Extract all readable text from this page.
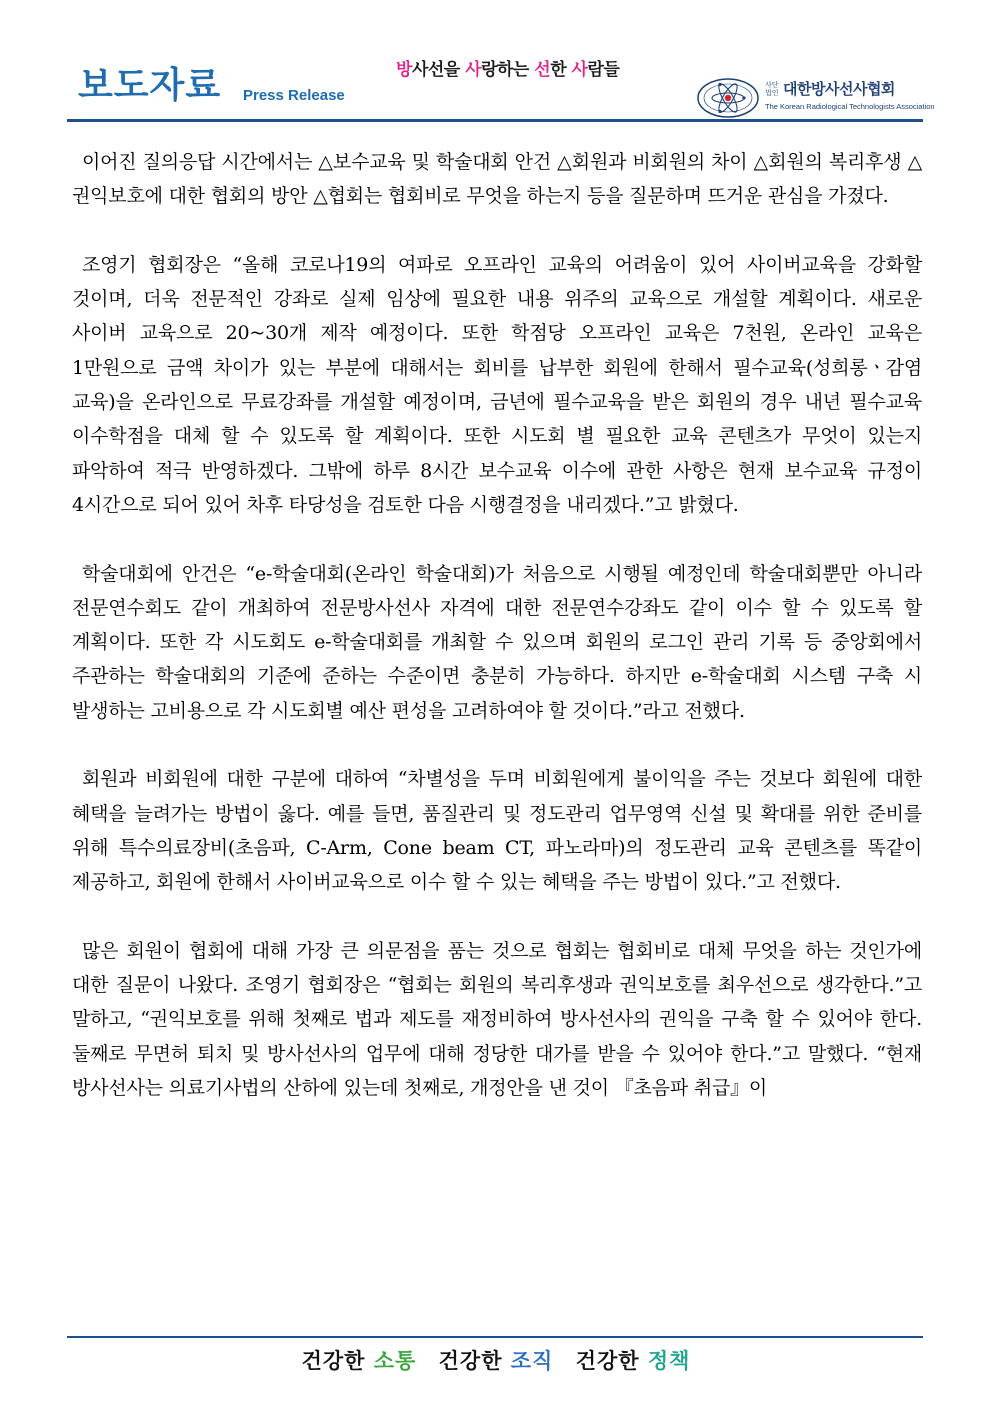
보도자료 Press Release
방사선을 사랑하는 선한 사람들
사단법인 대한방사선사협회
The Korean Radiological Technologists Association

이어진 질의응답 시간에서는 △보수교육 및 학술대회 안건 △회원과 비회원의 차이 △회원의 복리후생 △권익보호에 대한 협회의 방안 △협회는 협회비로 무엇을 하는지 등을 질문하며 뜨거운 관심을 가졌다.

조영기 협회장은 “올해 코로나19의 여파로 오프라인 교육의 어려움이 있어 사이버교육을 강화할 것이며, 더욱 전문적인 강좌로 실제 임상에 필요한 내용 위주의 교육으로 개설할 계획이다. 새로운 사이버 교육으로 20~30개 제작 예정이다. 또한 학점당 오프라인 교육은 7천원, 온라인 교육은 1만원으로 금액 차이가 있는 부분에 대해서는 회비를 납부한 회원에 한해서 필수교육(성희롱ㆍ감염 교육)을 온라인으로 무료강좌를 개설할 예정이며, 금년에 필수교육을 받은 회원의 경우 내년 필수교육 이수학점을 대체 할 수 있도록 할 계획이다. 또한 시도회 별 필요한 교육 콘텐츠가 무엇이 있는지 파악하여 적극 반영하겠다. 그밖에 하루 8시간 보수교육 이수에 관한 사항은 현재 보수교육 규정이 4시간으로 되어 있어 차후 타당성을 검토한 다음 시행결정을 내리겠다.”고 밝혔다.

학술대회에 안건은 “e-학술대회(온라인 학술대회)가 처음으로 시행될 예정인데 학술대회뿐만 아니라 전문연수회도 같이 개최하여 전문방사선사 자격에 대한 전문연수강좌도 같이 이수 할 수 있도록 할 계획이다. 또한 각 시도회도 e-학술대회를 개최할 수 있으며 회원의 로그인 관리 기록 등 중앙회에서 주관하는 학술대회의 기준에 준하는 수준이면 충분히 가능하다. 하지만 e-학술대회 시스템 구축 시 발생하는 고비용으로 각 시도회별 예산 편성을 고려하여야 할 것이다.”라고 전했다.

회원과 비회원에 대한 구분에 대하여 “차별성을 두며 비회원에게 불이익을 주는 것보다 회원에 대한 혜택을 늘려가는 방법이 옳다. 예를 들면, 품질관리 및 정도관리 업무영역 신설 및 확대를 위한 준비를 위해 특수의료장비(초음파, C-Arm, Cone beam CT, 파노라마)의 정도관리 교육 콘텐츠를 똑같이 제공하고, 회원에 한해서 사이버교육으로 이수 할 수 있는 혜택을 주는 방법이 있다.”고 전했다.

많은 회원이 협회에 대해 가장 큰 의문점을 품는 것으로 협회는 협회비로 대체 무엇을 하는 것인가에 대한 질문이 나왔다. 조영기 협회장은 “협회는 회원의 복리후생과 권익보호를 최우선으로 생각한다.”고 말하고, “권익보호를 위해 첫째로 법과 제도를 재정비하여 방사선사의 권익을 구축 할 수 있어야 한다. 둘째로 무면허 퇴치 및 방사선사의 업무에 대해 정당한 대가를 받을 수 있어야 한다.”고 말했다. “현재 방사선사는 의료기사법의 산하에 있는데 첫째로, 개정안을 낸 것이 『초음파 취급』이

건강한 소통 건강한 조직 건강한 정책
